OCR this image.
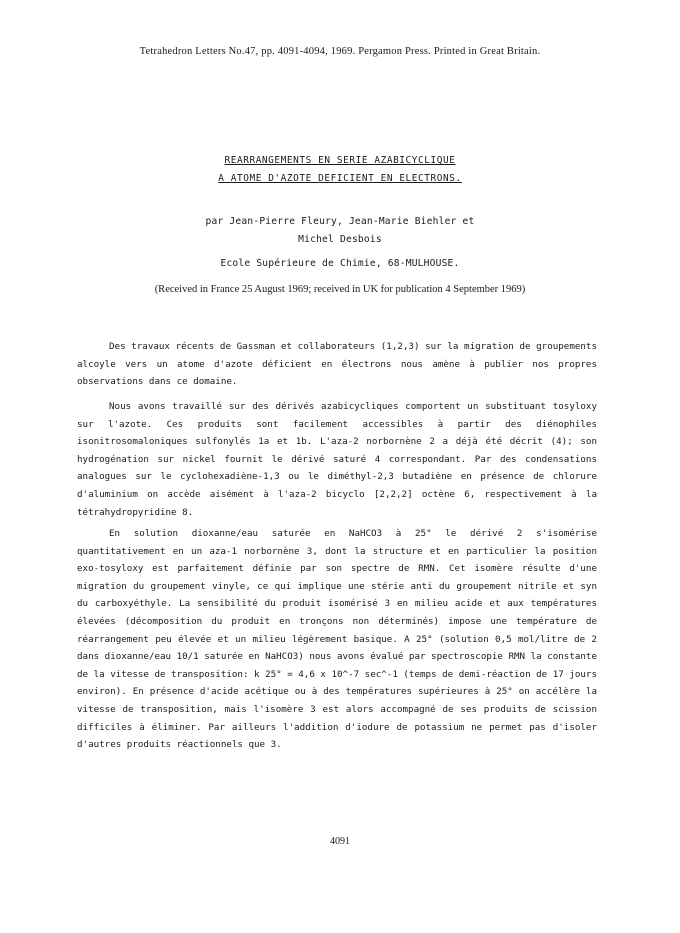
Tetrahedron Letters No.47, pp. 4091-4094, 1969. Pergamon Press. Printed in Great Britain.
REARRANGEMENTS EN SERIE AZABICYCLIQUE
A ATOME D'AZOTE DEFICIENT EN ELECTRONS.
par Jean-Pierre Fleury, Jean-Marie Biehler et
Michel Desbois
Ecole Supérieure de Chimie, 68-MULHOUSE.
(Received in France 25 August 1969; received in UK for publication 4 September 1969)

Des travaux récents de Gassman et collaborateurs (1,2,3) sur la migration de groupements alcoyle vers un atome d'azote déficient en électrons nous amène à publier nos propres observations dans ce domaine.

Nous avons travaillé sur des dérivés azabicycliques comportent un substituant tosyloxy sur l'azote. Ces produits sont facilement accessibles à partir des diénophiles isonitrosomaloniques sulfonylés 1a et 1b. L'aza-2 norbornène 2 a déjà été décrit (4); son hydrogénation sur nickel fournit le dérivé saturé 4 correspondant. Par des condensations analogues sur le cyclohexadiène-1,3 ou le diméthyl-2,3 butadiène en présence de chlorure d'aluminium on accède aisément à l'aza-2 bicyclo [2,2,2] octène 6, respectivement à la tétrahydropyridine 8.

En solution dioxanne/eau saturée en NaHCO3 à 25° le dérivé 2 s'isomérise quantitativement en un aza-1 norbornène 3, dont la structure et en particulier la position exo-tosyloxy est parfaitement définie par son spectre de RMN. Cet isomère résulte d'une migration du groupement vinyle, ce qui implique une stérie anti du groupement nitrile et syn du carboxyéthyle. La sensibilité du produit isomérisé 3 en milieu acide et aux températures élevées (décomposition du produit en tronçons non déterminés) impose une température de réarrangement peu élevée et un milieu légèrement basique. A 25° (solution 0,5 mol/litre de 2 dans dioxanne/eau 10/1 saturée en NaHCO3) nous avons évalué par spectroscopie RMN la constante de la vitesse de transposition: k 25° = 4,6 x 10^-7 sec^-1 (temps de demi-réaction de 17 jours environ). En présence d'acide acétique ou à des températures supérieures à 25° on accélère la vitesse de transposition, mais l'isomère 3 est alors accompagné de ses produits de scission difficiles à éliminer. Par ailleurs l'addition d'iodure de potassium ne permet pas d'isoler d'autres produits réactionnels que 3.

4091
